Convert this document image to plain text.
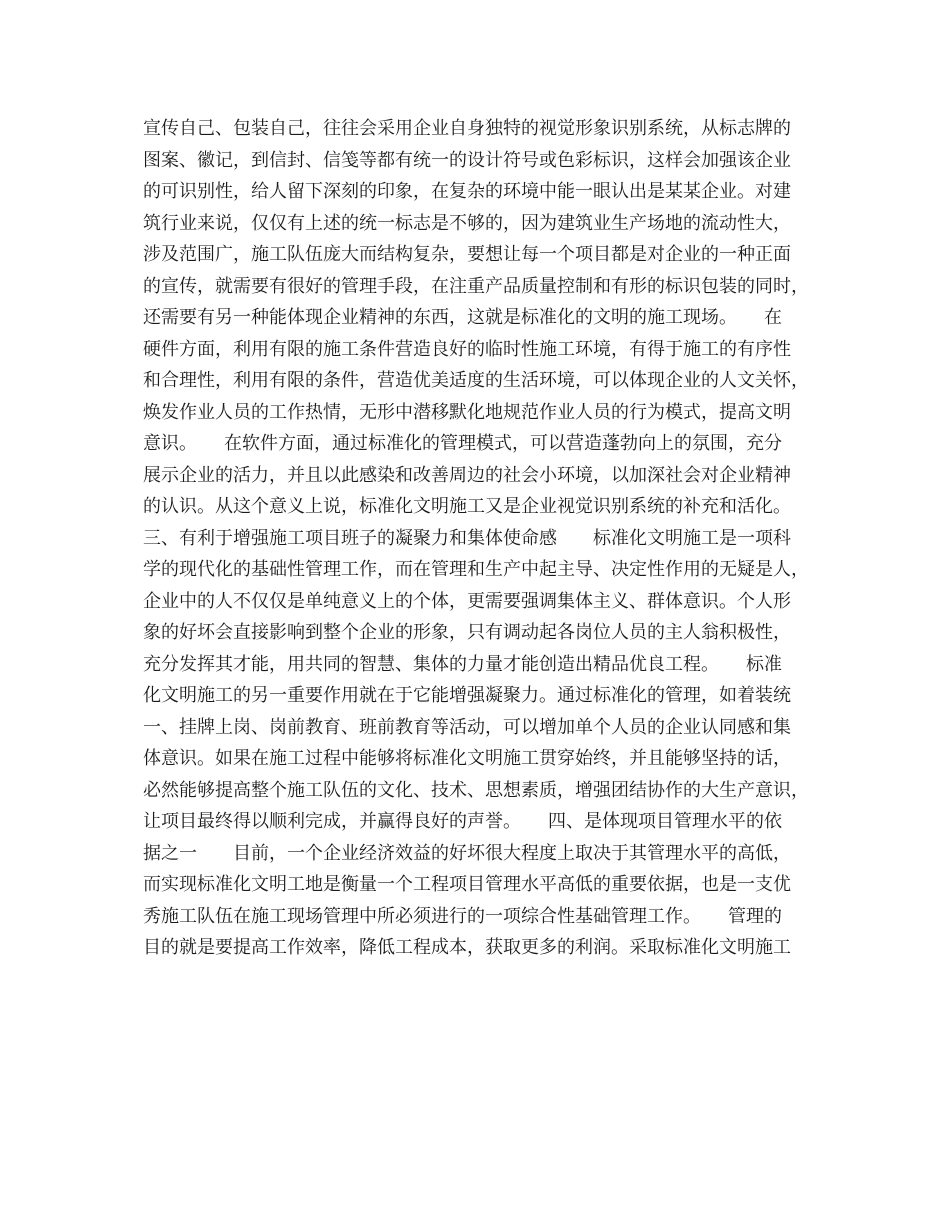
宣传自己、包装自己，往往会采用企业自身独特的视觉形象识别系统，从标志牌的
图案、徽记，到信封、信笺等都有统一的设计符号或色彩标识，这样会加强该企业
的可识别性，给人留下深刻的印象，在复杂的环境中能一眼认出是某某企业。对建
筑行业来说，仅仅有上述的统一标志是不够的，因为建筑业生产场地的流动性大，
涉及范围广，施工队伍庞大而结构复杂，要想让每一个项目都是对企业的一种正面
的宣传，就需要有很好的管理手段，在注重产品质量控制和有形的标识包装的同时，
还需要有另一种能体现企业精神的东西，这就是标准化的文明的施工现场。　　在
硬件方面，利用有限的施工条件营造良好的临时性施工环境，有得于施工的有序性
和合理性，利用有限的条件，营造优美适度的生活环境，可以体现企业的人文关怀，
焕发作业人员的工作热情，无形中潜移默化地规范作业人员的行为模式，提高文明
意识。　　在软件方面，通过标准化的管理模式，可以营造蓬勃向上的氛围，充分
展示企业的活力，并且以此感染和改善周边的社会小环境，以加深社会对企业精神
的认识。从这个意义上说，标准化文明施工又是企业视觉识别系统的补充和活化。
三、有利于增强施工项目班子的凝聚力和集体使命感　　标准化文明施工是一项科
学的现代化的基础性管理工作，而在管理和生产中起主导、决定性作用的无疑是人，
企业中的人不仅仅是单纯意义上的个体，更需要强调集体主义、群体意识。个人形
象的好坏会直接影响到整个企业的形象，只有调动起各岗位人员的主人翁积极性，
充分发挥其才能，用共同的智慧、集体的力量才能创造出精品优良工程。　　标准
化文明施工的另一重要作用就在于它能增强凝聚力。通过标准化的管理，如着装统
一、挂牌上岗、岗前教育、班前教育等活动，可以增加单个人员的企业认同感和集
体意识。如果在施工过程中能够将标准化文明施工贯穿始终，并且能够坚持的话，
必然能够提高整个施工队伍的文化、技术、思想素质，增强团结协作的大生产意识，
让项目最终得以顺利完成，并赢得良好的声誉。　　四、是体现项目管理水平的依
据之一　　目前，一个企业经济效益的好坏很大程度上取决于其管理水平的高低，
而实现标准化文明工地是衡量一个工程项目管理水平高低的重要依据，也是一支优
秀施工队伍在施工现场管理中所必须进行的一项综合性基础管理工作。　　管理的
目的就是要提高工作效率，降低工程成本，获取更多的利润。采取标准化文明施工
